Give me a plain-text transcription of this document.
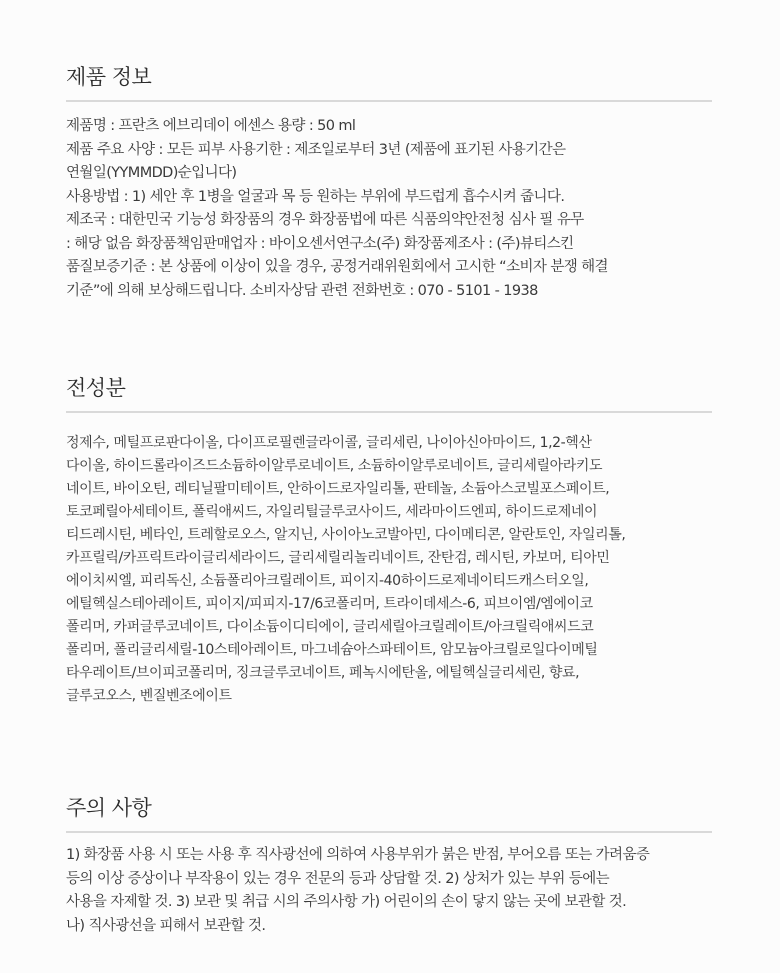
제품 정보
제품명 : 프란츠 에브리데이 에센스 용량 : 50 ml
제품 주요 사양 : 모든 피부 사용기한 : 제조일로부터 3년 (제품에 표기된 사용기간은
연월일(YYMMDD)순입니다)
사용방법 : 1) 세안 후 1병을 얼굴과 목 등 원하는 부위에 부드럽게 흡수시켜 줍니다.
제조국 : 대한민국 기능성 화장품의 경우 화장품법에 따른 식품의약안전청 심사 필 유무
: 해당 없음 화장품책임판매업자 : 바이오센서연구소(주) 화장품제조사 : (주)뷰티스킨
품질보증기준 : 본 상품에 이상이 있을 경우, 공정거래위원회에서 고시한 “소비자 분쟁 해결
기준”에 의해 보상해드립니다. 소비자상담 관련 전화번호 : 070 - 5101 - 1938
전성분
정제수, 메틸프로판다이올, 다이프로필렌글라이콜, 글리세린, 나이아신아마이드, 1,2-헥산
다이올, 하이드롤라이즈드소듐하이알루로네이트, 소듐하이알루로네이트, 글리세릴아라키도
네이트, 바이오틴, 레티닐팔미테이트, 안하이드로자일리톨, 판테놀, 소듐아스코빌포스페이트,
토코페릴아세테이트, 폴릭애씨드, 자일리틸글루코사이드, 세라마이드엔피, 하이드로제네이
티드레시틴, 베타인, 트레할로오스, 알지닌, 사이아노코발아민, 다이메티콘, 알란토인, 자일리톨,
카프릴릭/카프릭트라이글리세라이드, 글리세릴리놀리네이트, 잔탄검, 레시틴, 카보머, 티아민
에이치씨엘, 피리독신, 소듐폴리아크릴레이트, 피이지-40하이드로제네이티드캐스터오일,
에틸헥실스테아레이트, 피이지/피피지-17/6코폴리머, 트라이데세스-6, 피브이엠/엠에이코
폴리머, 카퍼글루코네이트, 다이소듐이디티에이, 글리세릴아크릴레이트/아크릴릭애씨드코
폴리머, 폴리글리세릴-10스테아레이트, 마그네슘아스파테이트, 암모늄아크릴로일다이메틸
타우레이트/브이피코폴리머, 징크글루코네이트, 페녹시에탄올, 에틸헥실글리세린, 향료,
글루코오스, 벤질벤조에이트
주의 사항
1) 화장품 사용 시 또는 사용 후 직사광선에 의하여 사용부위가 붉은 반점, 부어오름 또는 가려움증
등의 이상 증상이나 부작용이 있는 경우 전문의 등과 상담할 것. 2) 상처가 있는 부위 등에는
사용을 자제할 것. 3) 보관 및 취급 시의 주의사항 가) 어린이의 손이 닿지 않는 곳에 보관할 것.
나) 직사광선을 피해서 보관할 것.
